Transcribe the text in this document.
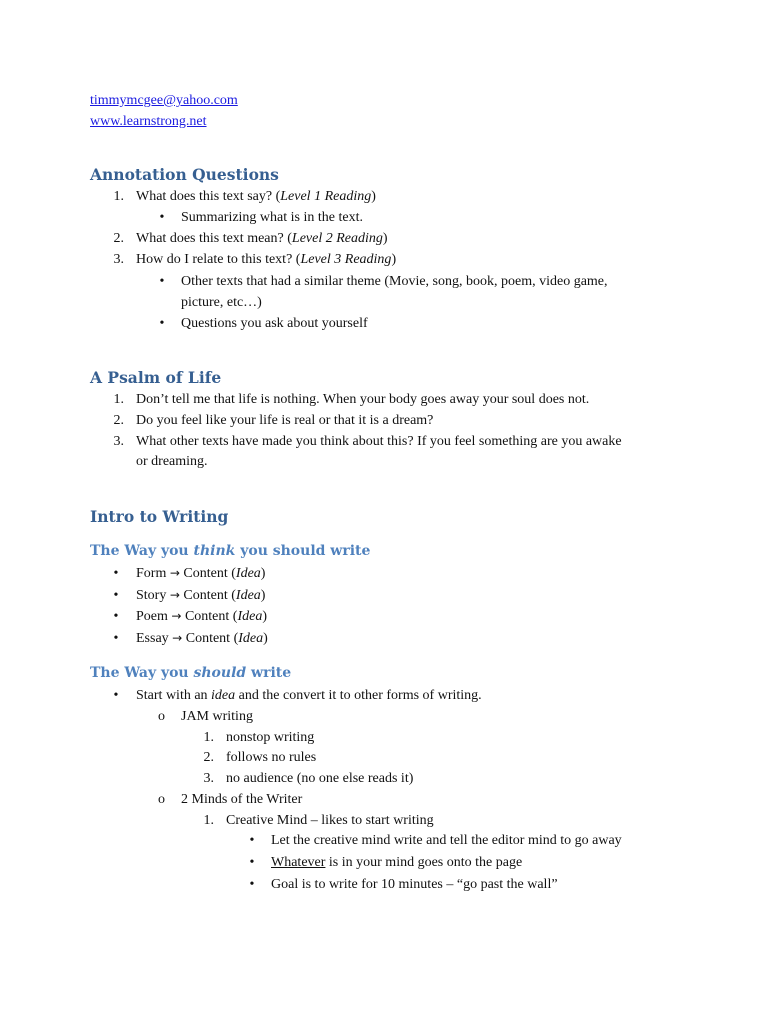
timmymcgee@yahoo.com
www.learnstrong.net
Annotation Questions
1. What does this text say? (Level 1 Reading)
• Summarizing what is in the text.
2. What does this text mean? (Level 2 Reading)
3. How do I relate to this text? (Level 3 Reading)
• Other texts that had a similar theme (Movie, song, book, poem, video game,
picture, etc…)
• Questions you ask about yourself
A Psalm of Life
1. Don’t tell me that life is nothing. When your body goes away your soul does not.
2. Do you feel like your life is real or that it is a dream?
3. What other texts have made you think about this? If you feel something are you awake
or dreaming.
Intro to Writing
The Way you think you should write
• Form → Content (Idea)
• Story → Content (Idea)
• Poem → Content (Idea)
• Essay → Content (Idea)
The Way you should write
• Start with an idea and the convert it to other forms of writing.
o JAM writing
1. nonstop writing
2. follows no rules
3. no audience (no one else reads it)
o 2 Minds of the Writer
1. Creative Mind – likes to start writing
• Let the creative mind write and tell the editor mind to go away
• Whatever is in your mind goes onto the page
• Goal is to write for 10 minutes – “go past the wall”
